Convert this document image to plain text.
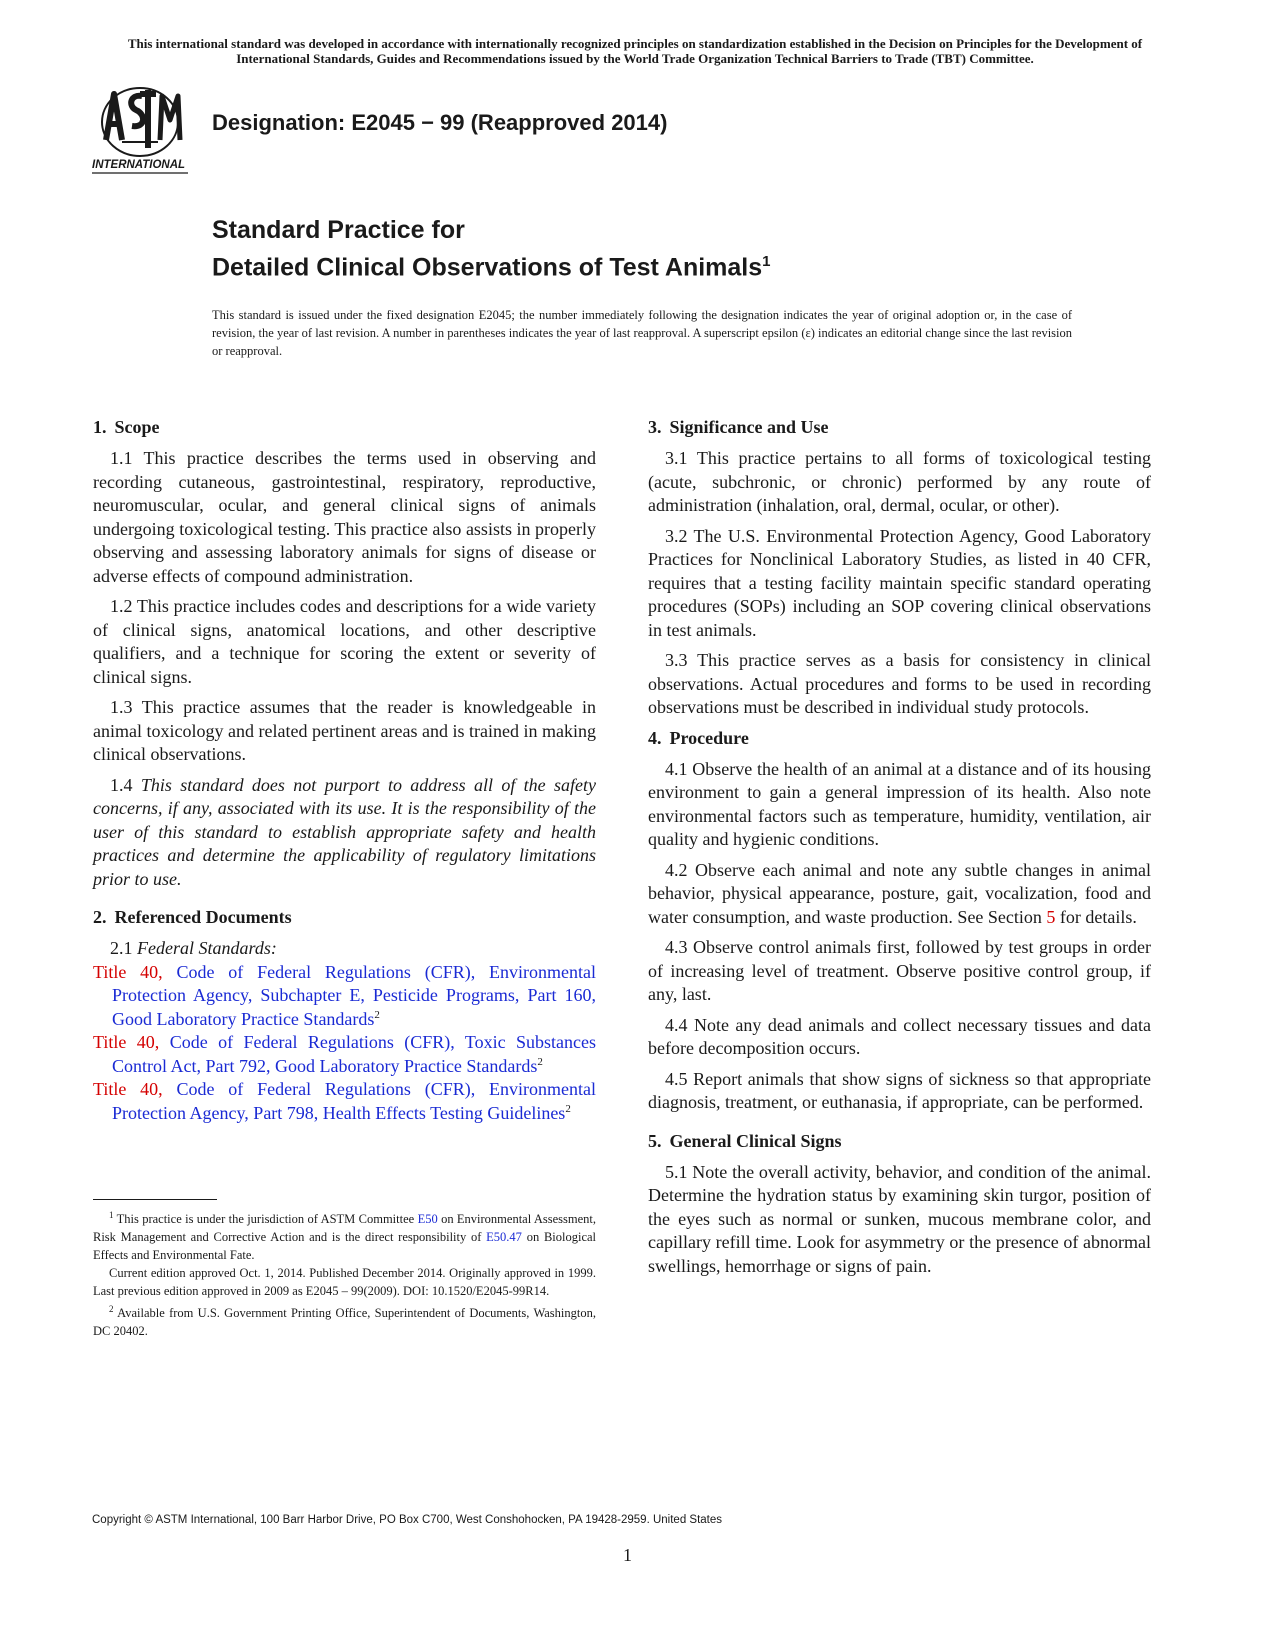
This international standard was developed in accordance with internationally recognized principles on standardization established in the Decision on Principles for the Development of International Standards, Guides and Recommendations issued by the World Trade Organization Technical Barriers to Trade (TBT) Committee.
INTERNATIONAL
Designation: E2045 − 99 (Reapproved 2014)
Standard Practice for
Detailed Clinical Observations of Test Animals$^1$
This standard is issued under the fixed designation E2045; the number immediately following the designation indicates the year of original adoption or, in the case of revision, the year of last revision. A number in parentheses indicates the year of last reapproval. A superscript epsilon (ε) indicates an editorial change since the last revision or reapproval.
1. Scope

1.1 This practice describes the terms used in observing and recording cutaneous, gastrointestinal, respiratory, reproductive, neuromuscular, ocular, and general clinical signs of animals undergoing toxicological testing. This practice also assists in properly observing and assessing laboratory animals for signs of disease or adverse effects of compound administration.

1.2 This practice includes codes and descriptions for a wide variety of clinical signs, anatomical locations, and other descriptive qualifiers, and a technique for scoring the extent or severity of clinical signs.

1.3 This practice assumes that the reader is knowledgeable in animal toxicology and related pertinent areas and is trained in making clinical observations.

1.4 This standard does not purport to address all of the safety concerns, if any, associated with its use. It is the responsibility of the user of this standard to establish appropriate safety and health practices and determine the applicability of regulatory limitations prior to use.

2. Referenced Documents

2.1 Federal Standards:

Title 40, Code of Federal Regulations (CFR), Environmental Protection Agency, Subchapter E, Pesticide Programs, Part 160, Good Laboratory Practice Standards$^2$

Title 40, Code of Federal Regulations (CFR), Toxic Substances Control Act, Part 792, Good Laboratory Practice Standards$^2$

Title 40, Code of Federal Regulations (CFR), Environmental Protection Agency, Part 798, Health Effects Testing Guidelines$^2$

$^1$ This practice is under the jurisdiction of ASTM Committee E50 on Environmental Assessment, Risk Management and Corrective Action and is the direct responsibility of E50.47 on Biological Effects and Environmental Fate.

Current edition approved Oct. 1, 2014. Published December 2014. Originally approved in 1999. Last previous edition approved in 2009 as E2045 – 99(2009). DOI: 10.1520/E2045-99R14.

$^2$ Available from U.S. Government Printing Office, Superintendent of Documents, Washington, DC 20402.

3. Significance and Use

3.1 This practice pertains to all forms of toxicological testing (acute, subchronic, or chronic) performed by any route of administration (inhalation, oral, dermal, ocular, or other).

3.2 The U.S. Environmental Protection Agency, Good Laboratory Practices for Nonclinical Laboratory Studies, as listed in 40 CFR, requires that a testing facility maintain specific standard operating procedures (SOPs) including an SOP covering clinical observations in test animals.

3.3 This practice serves as a basis for consistency in clinical observations. Actual procedures and forms to be used in recording observations must be described in individual study protocols.

4. Procedure

4.1 Observe the health of an animal at a distance and of its housing environment to gain a general impression of its health. Also note environmental factors such as temperature, humidity, ventilation, air quality and hygienic conditions.

4.2 Observe each animal and note any subtle changes in animal behavior, physical appearance, posture, gait, vocalization, food and water consumption, and waste production. See Section 5 for details.

4.3 Observe control animals first, followed by test groups in order of increasing level of treatment. Observe positive control group, if any, last.

4.4 Note any dead animals and collect necessary tissues and data before decomposition occurs.

4.5 Report animals that show signs of sickness so that appropriate diagnosis, treatment, or euthanasia, if appropriate, can be performed.

5. General Clinical Signs

5.1 Note the overall activity, behavior, and condition of the animal. Determine the hydration status by examining skin turgor, position of the eyes such as normal or sunken, mucous membrane color, and capillary refill time. Look for asymmetry or the presence of abnormal swellings, hemorrhage or signs of pain.

Copyright © ASTM International, 100 Barr Harbor Drive, PO Box C700, West Conshohocken, PA 19428-2959. United States
1
